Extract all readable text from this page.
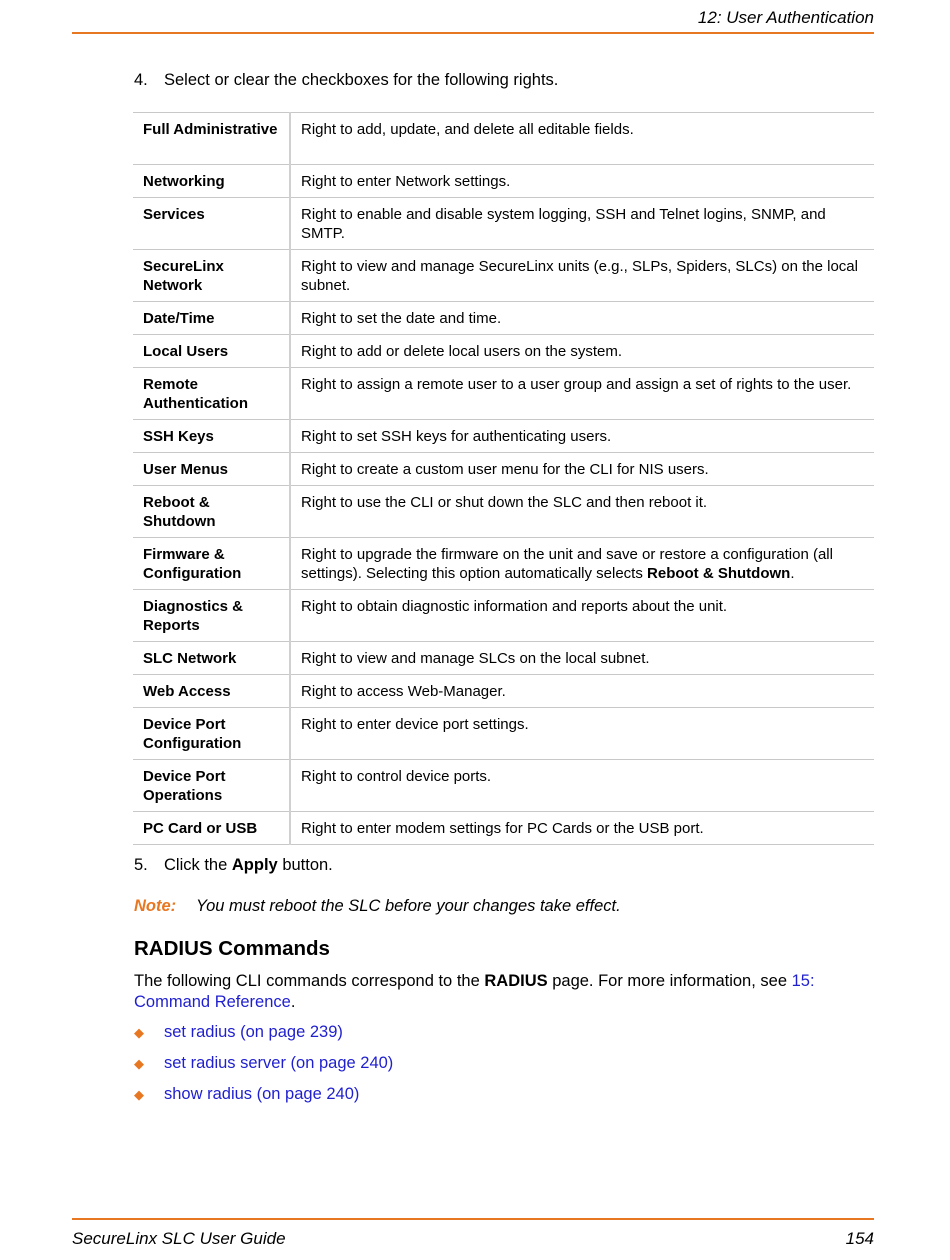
12: User Authentication
4. Select or clear the checkboxes for the following rights.
Full Administrative	Right to add, update, and delete all editable fields.
Networking	Right to enter Network settings.
Services	Right to enable and disable system logging, SSH and Telnet logins, SNMP, and SMTP.
SecureLinx Network	Right to view and manage SecureLinx units (e.g., SLPs, Spiders, SLCs) on the local subnet.
Date/Time	Right to set the date and time.
Local Users	Right to add or delete local users on the system.
Remote Authentication	Right to assign a remote user to a user group and assign a set of rights to the user.
SSH Keys	Right to set SSH keys for authenticating users.
User Menus	Right to create a custom user menu for the CLI for NIS users.
Reboot & Shutdown	Right to use the CLI or shut down the SLC and then reboot it.
Firmware & Configuration	Right to upgrade the firmware on the unit and save or restore a configuration (all settings). Selecting this option automatically selects Reboot & Shutdown.
Diagnostics & Reports	Right to obtain diagnostic information and reports about the unit.
SLC Network	Right to view and manage SLCs on the local subnet.
Web Access	Right to access Web-Manager.
Device Port Configuration	Right to enter device port settings.
Device Port Operations	Right to control device ports.
PC Card or USB	Right to enter modem settings for PC Cards or the USB port.
5. Click the Apply button.
Note: You must reboot the SLC before your changes take effect.
RADIUS Commands
The following CLI commands correspond to the RADIUS page. For more information, see 15: Command Reference.
◆ set radius (on page 239)
◆ set radius server (on page 240)
◆ show radius (on page 240)
SecureLinx SLC User Guide	154
